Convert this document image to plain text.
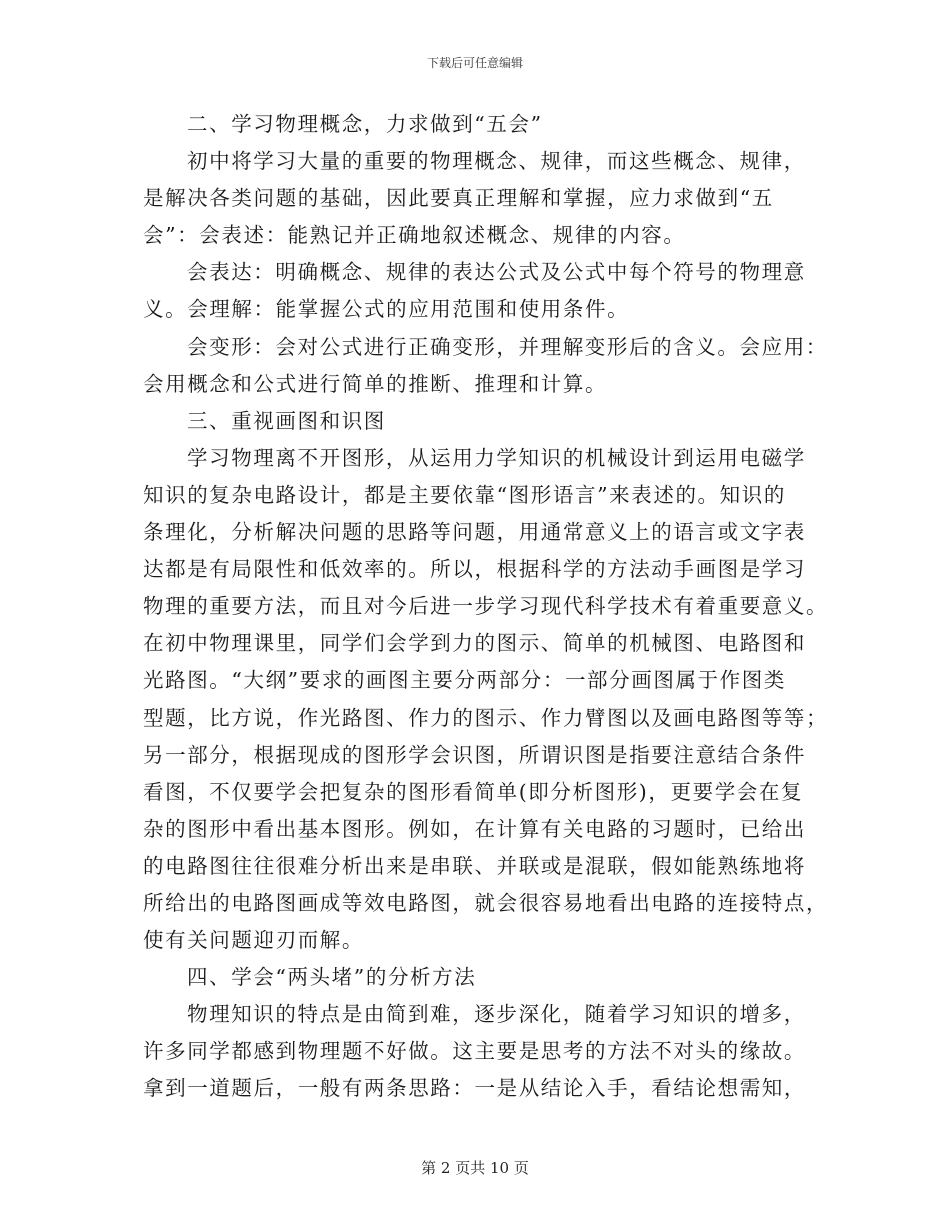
下载后可任意编辑
二、学习物理概念，力求做到“五会”
初中将学习大量的重要的物理概念、规律，而这些概念、规律，
是解决各类问题的基础，因此要真正理解和掌握，应力求做到“五
会”：会表述：能熟记并正确地叙述概念、规律的内容。
会表达：明确概念、规律的表达公式及公式中每个符号的物理意
义。会理解：能掌握公式的应用范围和使用条件。
会变形：会对公式进行正确变形，并理解变形后的含义。会应用：
会用概念和公式进行简单的推断、推理和计算。
三、重视画图和识图
学习物理离不开图形，从运用力学知识的机械设计到运用电磁学
知识的复杂电路设计，都是主要依靠“图形语言”来表述的。知识的
条理化，分析解决问题的思路等问题，用通常意义上的语言或文字表
达都是有局限性和低效率的。所以，根据科学的方法动手画图是学习
物理的重要方法，而且对今后进一步学习现代科学技术有着重要意义。
在初中物理课里，同学们会学到力的图示、简单的机械图、电路图和
光路图。“大纲”要求的画图主要分两部分：一部分画图属于作图类
型题，比方说，作光路图、作力的图示、作力臂图以及画电路图等等；
另一部分，根据现成的图形学会识图，所谓识图是指要注意结合条件
看图，不仅要学会把复杂的图形看简单(即分析图形)，更要学会在复
杂的图形中看出基本图形。例如，在计算有关电路的习题时，已给出
的电路图往往很难分析出来是串联、并联或是混联，假如能熟练地将
所给出的电路图画成等效电路图，就会很容易地看出电路的连接特点，
使有关问题迎刃而解。
四、学会“两头堵”的分析方法
物理知识的特点是由简到难，逐步深化，随着学习知识的增多，
许多同学都感到物理题不好做。这主要是思考的方法不对头的缘故。
拿到一道题后，一般有两条思路：一是从结论入手，看结论想需知，
第 2 页共 10 页
